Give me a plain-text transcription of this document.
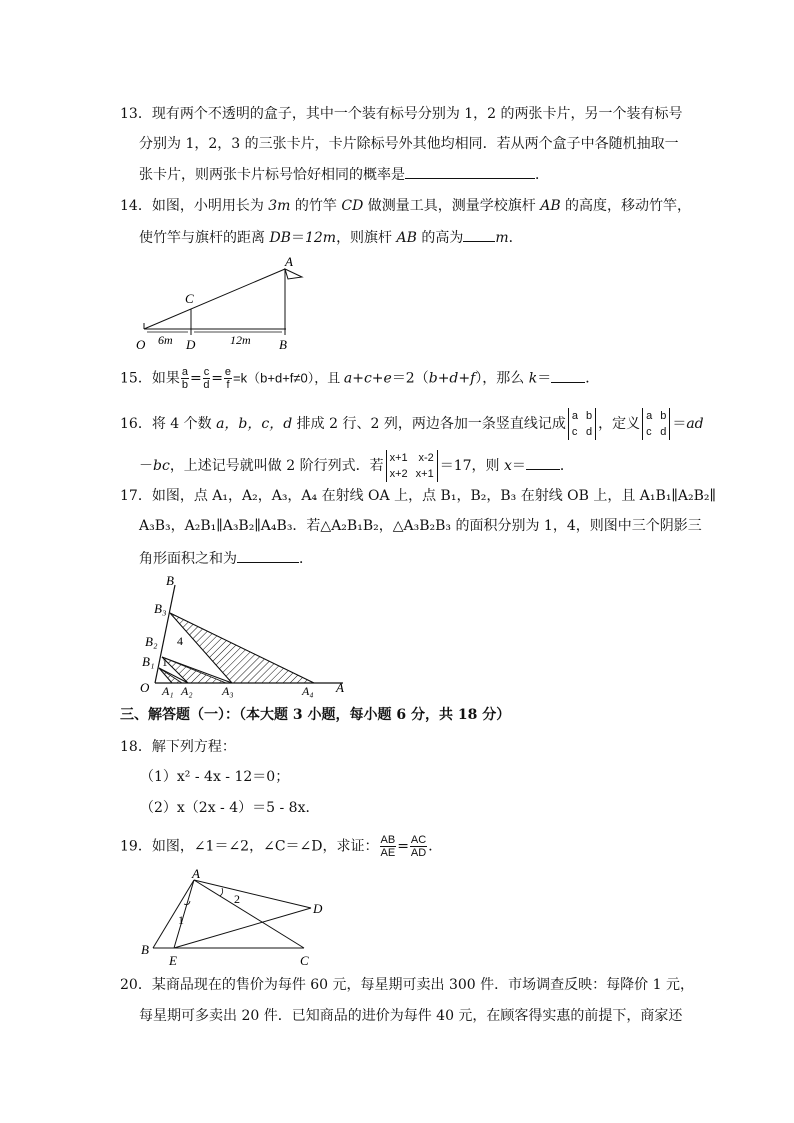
13．现有两个不透明的盒子，其中一个装有标号分别为 1，2 的两张卡片，另一个装有标号
分别为 1，2，3 的三张卡片，卡片除标号外其他均相同．若从两个盒子中各随机抽取一
张卡片，则两张卡片标号恰好相同的概率是	．
14．如图，小明用长为 3m 的竹竿 CD 做测量工具，测量学校旗杆 AB 的高度，移动竹竿，
使竹竿与旗杆的距离 DB＝12m，则旗杆 AB 的高为 m．
A
C
O	D	B
6m	12m
15．如果 $\frac{a}{b} = \frac{c}{d} = \frac{e}{f} =k(b+d+f\ne 0)$，且 a+c+e＝2（b+d+f），那么 k＝ ．
16．将 4 个数 a，b，c，d 排成 2 行、2 列，两边各加一条竖直线记成 a b
c d ，定义 a b
c d ＝ad
－bc，上述记号就叫做 2 阶行列式．若 x+1 x-2
x+2 x+1 ＝17，则 x＝ ．
17．如图，点 A₁，A₂，A₃，A₄ 在射线 OA 上，点 B₁，B₂，B₃ 在射线 OB 上，且 A₁B₁∥A₂B₂∥
A₃B₃，A₂B₁∥A₃B₂∥A₄B₃．若△A₂B₁B₂，△A₃B₂B₃ 的面积分别为 1，4，则图中三个阴影三
角形面积之和为	．
B
B₃
B₂
B₁
O A₁ A₂ A₃	A₄ A
4
1
三、解答题（一）：（本大题 3 小题，每小题 6 分，共 18 分）
18．解下列方程：
（1）x² - 4x - 12＝0；
（2）x（2x - 4）＝5 - 8x．
19．如图，∠1＝∠2，∠C＝∠D，求证： $\frac{AB}{AE} = \frac{AC}{AD}$ ．
A
B
E	C
D
1
2
20．某商品现在的售价为每件 60 元，每星期可卖出 300 件．市场调查反映：每降价 1 元，
每星期可多卖出 20 件．已知商品的进价为每件 40 元，在顾客得实惠的前提下，商家还
